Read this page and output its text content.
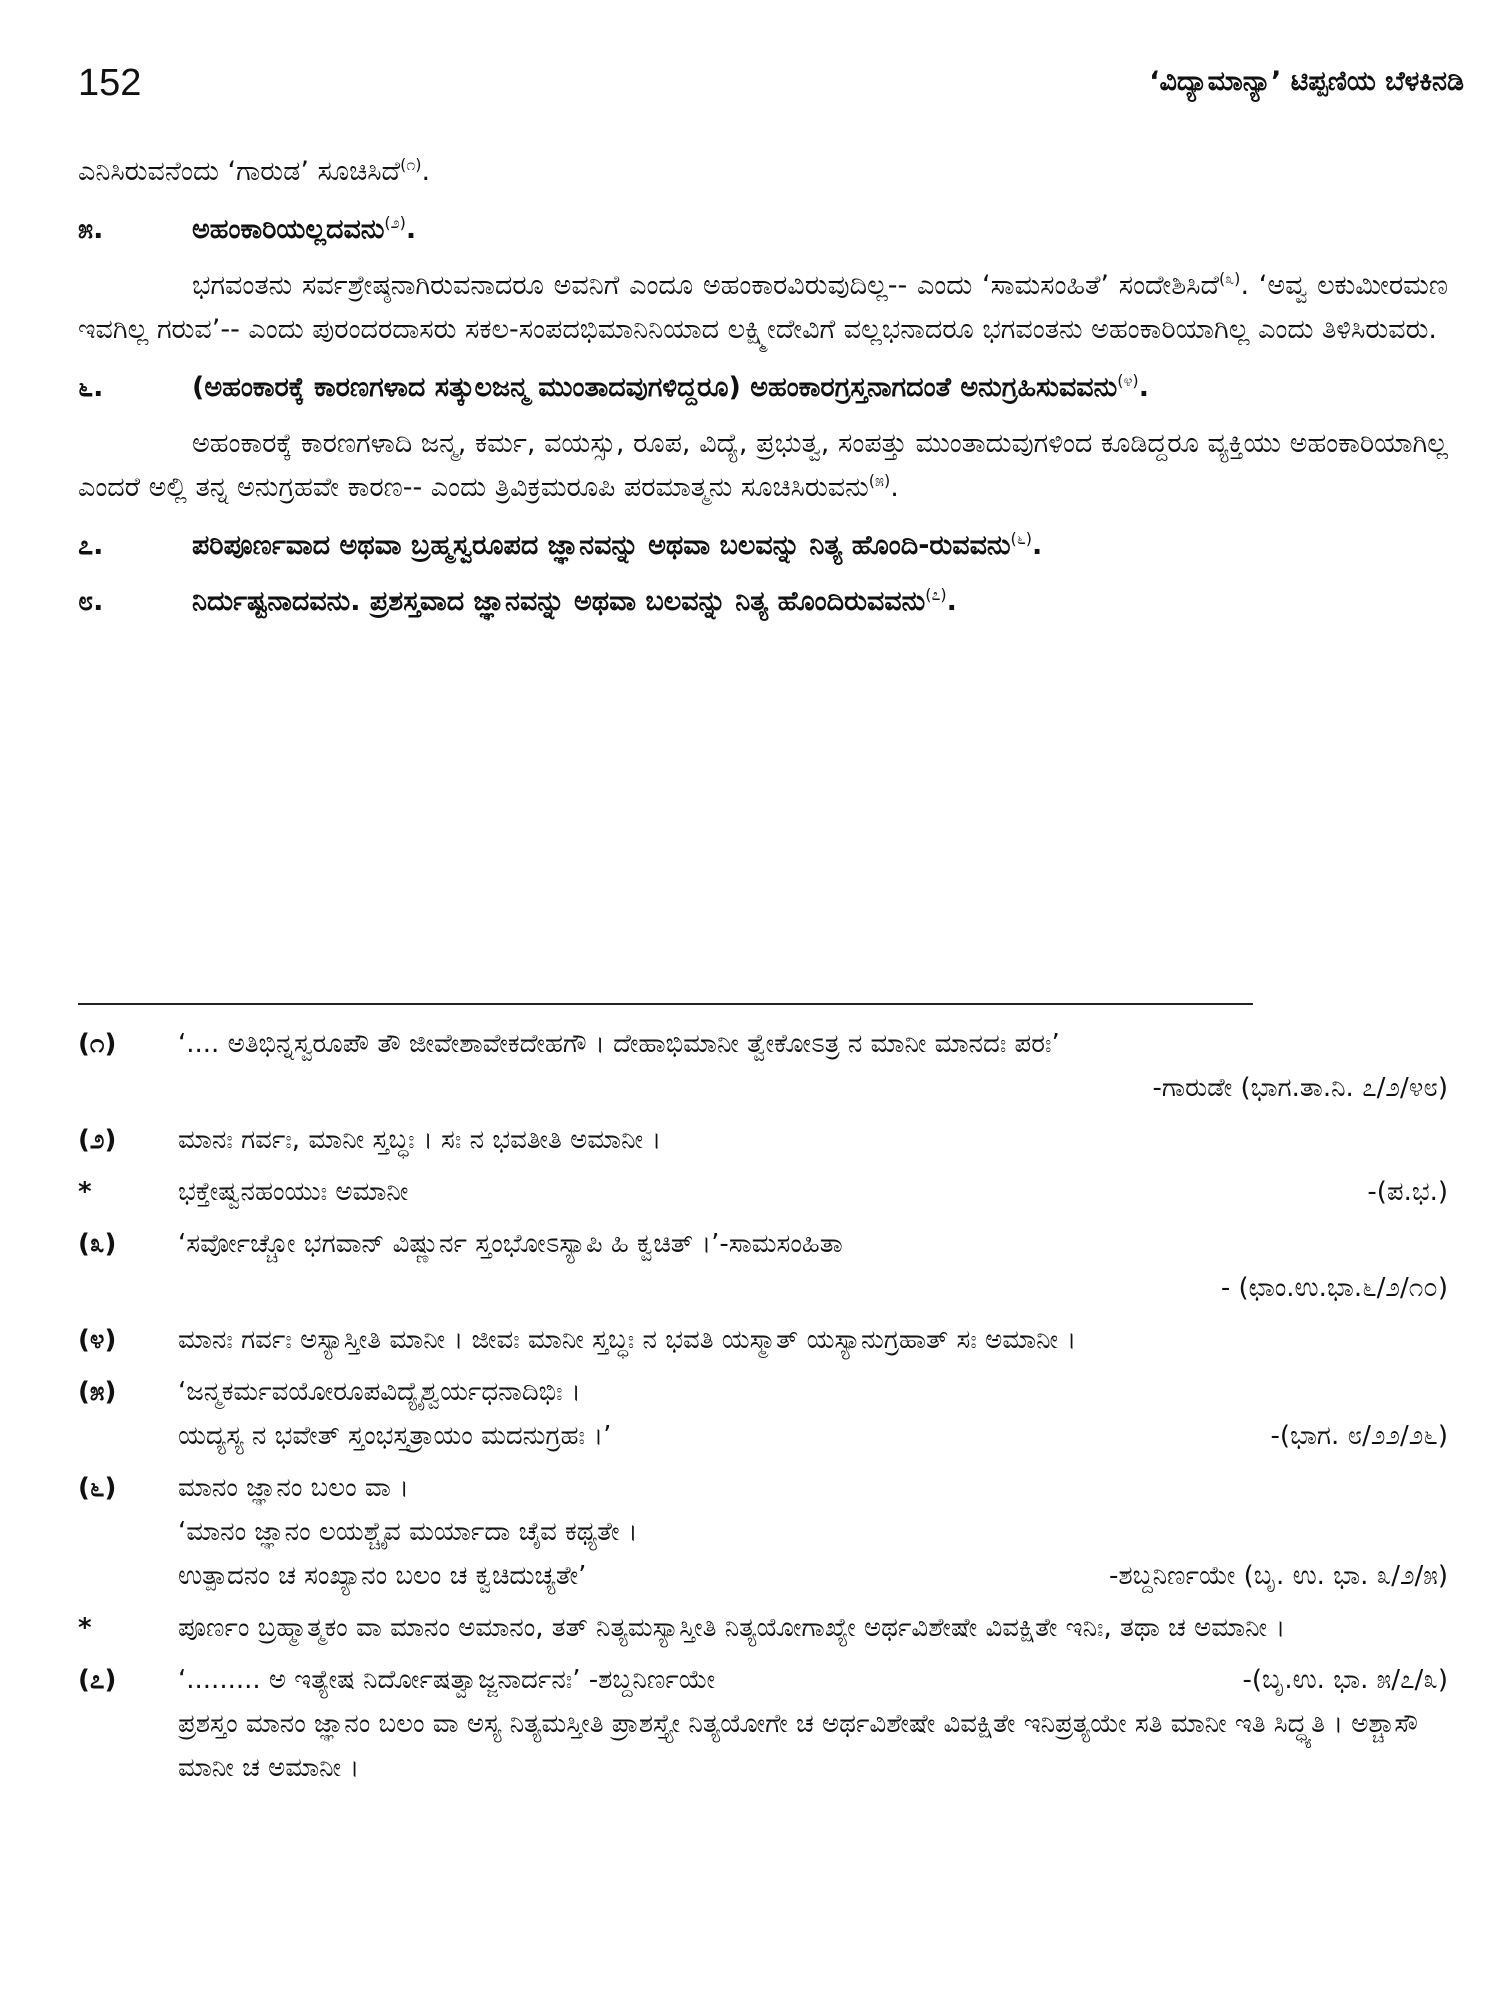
152	‘ವಿದ್ಯಾಮಾನ್ಯಾ’ ಟಿಪ್ಪಣಿಯ ಬೆಳಕಿನಡಿ

ಎನಿಸಿರುವನೆಂದು ‘ಗಾರುಡ’ ಸೂಚಿಸಿದೆ$^{(೧)}$.

೫.	ಅಹಂಕಾರಿಯಲ್ಲದವನು$^{(೨)}$.

ಭಗವಂತನು ಸರ್ವಶ್ರೇಷ್ಠನಾಗಿರುವನಾದರೂ ಅವನಿಗೆ ಎಂದೂ ಅಹಂಕಾರವಿರುವುದಿಲ್ಲ-- ಎಂದು ‘ಸಾಮಸಂಹಿತೆ’ ಸಂದೇಶಿಸಿದೆ$^{(೩)}$. ‘ಅವ್ವ ಲಕುಮೀರಮಣ ಇವಗಿಲ್ಲ ಗರುವ’-- ಎಂದು ಪುರಂದರದಾಸರು ಸಕಲ-ಸಂಪದಭಿಮಾನಿನಿಯಾದ ಲಕ್ಷ್ಮೀದೇವಿಗೆ ವಲ್ಲಭನಾದರೂ ಭಗವಂತನು ಅಹಂಕಾರಿಯಾಗಿಲ್ಲ ಎಂದು ತಿಳಿಸಿರುವರು.

೬.	(ಅಹಂಕಾರಕ್ಕೆ ಕಾರಣಗಳಾದ ಸತ್ಕುಲಜನ್ಮ ಮುಂತಾದವುಗಳಿದ್ದರೂ) ಅಹಂಕಾರಗ್ರಸ್ತನಾಗದಂತೆ ಅನುಗ್ರಹಿಸುವವನು$^{(೪)}$.

ಅಹಂಕಾರಕ್ಕೆ ಕಾರಣಗಳಾದಿ ಜನ್ಮ, ಕರ್ಮ, ವಯಸ್ಸು, ರೂಪ, ವಿದ್ಯೆ, ಪ್ರಭುತ್ವ, ಸಂಪತ್ತು ಮುಂತಾದುವುಗಳಿಂದ ಕೂಡಿದ್ದರೂ ವ್ಯಕ್ತಿಯು ಅಹಂಕಾರಿಯಾಗಿಲ್ಲ ಎಂದರೆ ಅಲ್ಲಿ ತನ್ನ ಅನುಗ್ರಹವೇ ಕಾರಣ-- ಎಂದು ತ್ರಿವಿಕ್ರಮರೂಪಿ ಪರಮಾತ್ಮನು ಸೂಚಿಸಿರುವನು$^{(೫)}$.

೭.	ಪರಿಪೂರ್ಣವಾದ ಅಥವಾ ಬ್ರಹ್ಮಸ್ವರೂಪದ ಜ್ಞಾನವನ್ನು ಅಥವಾ ಬಲವನ್ನು ನಿತ್ಯ ಹೊಂದಿ-ರುವವನು$^{(೬)}$.
೮.	ನಿರ್ದುಷ್ಟನಾದವನು. ಪ್ರಶಸ್ತವಾದ ಜ್ಞಾನವನ್ನು ಅಥವಾ ಬಲವನ್ನು ನಿತ್ಯ ಹೊಂದಿರುವವನು$^{(೭)}$.
(೧)	‘.... ಅತಿಭಿನ್ನಸ್ವರೂಪೌ ತೌ ಜೀವೇಶಾವೇಕದೇಹಗೌ । ದೇಹಾಭಿಮಾನೀ ತ್ವೇಕೋಽತ್ರ ನ ಮಾನೀ ಮಾನದಃ ಪರಃ’
-ಗಾರುಡೇ (ಭಾಗ.ತಾ.ನಿ. ೭/೨/೪೮)
(೨)	ಮಾನಃ ಗರ್ವಃ, ಮಾನೀ ಸ್ತಬ್ಧಃ । ಸಃ ನ ಭವತೀತಿ ಅಮಾನೀ ।
*	ಭಕ್ತೇಷ್ವನಹಂಯುಃ ಅಮಾನೀ	-(ಪ.ಭ.)
(೩)	‘ಸರ್ವೋಚ್ಚೋ ಭಗವಾನ್ ವಿಷ್ಣುರ್ನ ಸ್ತಂಭೋಽಸ್ಯಾಪಿ ಹಿ ಕ್ವಚಿತ್ ।’-ಸಾಮಸಂಹಿತಾ
- (ಛಾಂ.ಉ.ಭಾ.೬/೨/೧೦)
(೪)	ಮಾನಃ ಗರ್ವಃ ಅಸ್ಯಾಸ್ತೀತಿ ಮಾನೀ । ಜೀವಃ ಮಾನೀ ಸ್ತಬ್ಧಃ ನ ಭವತಿ ಯಸ್ಮಾತ್ ಯಸ್ಯಾನುಗ್ರಹಾತ್ ಸಃ ಅಮಾನೀ ।
(೫)	‘ಜನ್ಮಕರ್ಮವಯೋರೂಪವಿದ್ಯೈಶ್ವರ್ಯಧನಾದಿಭಿಃ ।
ಯದ್ಯಸ್ಯ ನ ಭವೇತ್ ಸ್ತಂಭಸ್ತತ್ರಾಯಂ ಮದನುಗ್ರಹಃ ।’	-(ಭಾಗ. ೮/೨೨/೨೬)
(೬)	ಮಾನಂ ಜ್ಞಾನಂ ಬಲಂ ವಾ ।
‘ಮಾನಂ ಜ್ಞಾನಂ ಲಯಶ್ಚೈವ ಮರ್ಯಾದಾ ಚೈವ ಕಥ್ಯತೇ ।
ಉತ್ಪಾದನಂ ಚ ಸಂಖ್ಯಾನಂ ಬಲಂ ಚ ಕ್ವಚಿದುಚ್ಯತೇ’	-ಶಬ್ದನಿರ್ಣಯೇ (ಬೃ. ಉ. ಭಾ. ೩/೨/೫)
*	ಪೂರ್ಣಂ ಬ್ರಹ್ಮಾತ್ಮಕಂ ವಾ ಮಾನಂ ಅಮಾನಂ, ತತ್ ನಿತ್ಯಮಸ್ಯಾಸ್ತೀತಿ ನಿತ್ಯಯೋಗಾಖ್ಯೇ ಅರ್ಥವಿಶೇಷೇ ವಿವಕ್ಷಿತೇ ಇನಿಃ, ತಥಾ ಚ ಅಮಾನೀ ।
(೭)	‘......... ಅ ಇತ್ಯೇಷ ನಿರ್ದೋಷತ್ವಾಜ್ಜನಾರ್ದನಃ’ -ಶಬ್ದನಿರ್ಣಯೇ	-(ಬೃ.ಉ. ಭಾ. ೫/೭/೩)
ಪ್ರಶಸ್ತಂ ಮಾನಂ ಜ್ಞಾನಂ ಬಲಂ ವಾ ಅಸ್ಯ ನಿತ್ಯಮಸ್ತೀತಿ ಪ್ರಾಶಸ್ತ್ಯೇ ನಿತ್ಯಯೋಗೇ ಚ ಅರ್ಥವಿಶೇಷೇ ವಿವಕ್ಷಿತೇ ಇನಿಪ್ರತ್ಯಯೇ ಸತಿ ಮಾನೀ ಇತಿ ಸಿದ್ಧ್ಯತಿ । ಅಶ್ಚಾಸೌ ಮಾನೀ ಚ ಅಮಾನೀ ।
